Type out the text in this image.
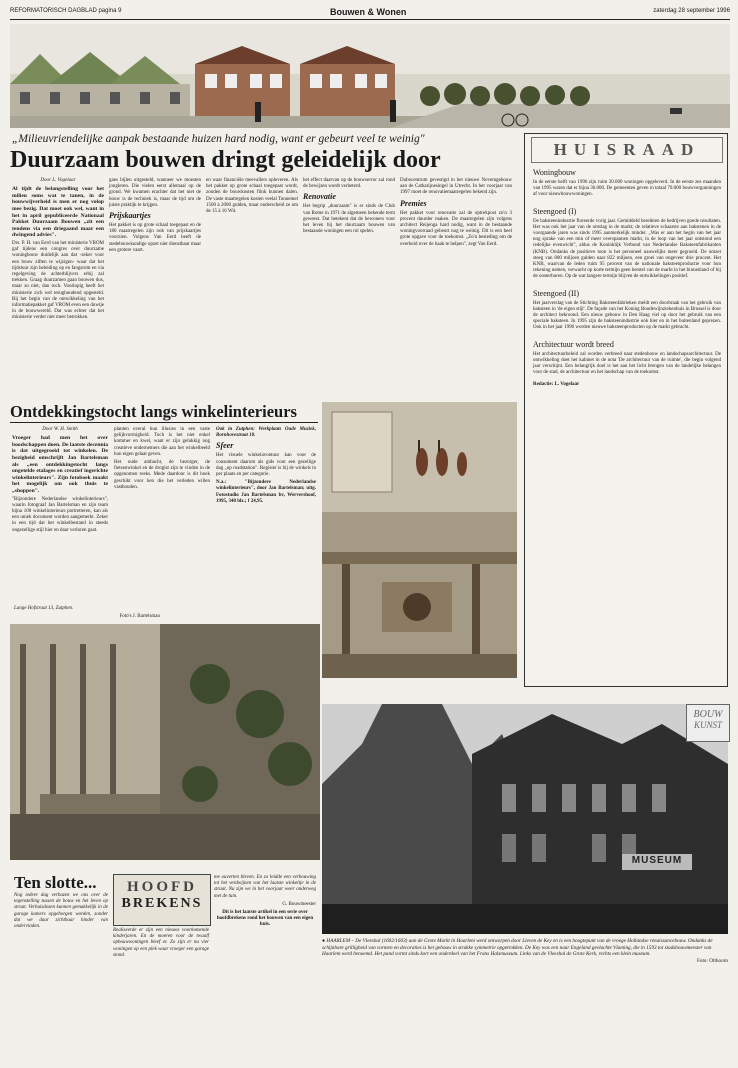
REFORMATORISCH DAGBLAD pagina 9	Bouwen & Wonen	zaterdag 28 september 1996
„Milieuvriendelijke aanpak bestaande huizen hard nodig, want er gebeurt veel te weinig"
Duurzaam bouwen dringt geleidelijk door

Door L. Vogelaar

Al tijdt de belangstelling voor het milieu soms wat te tanen, in de bouwwijverheid is men er nog volop mee bezig. Dat moet ook wel, want in het in april gepubliceerde Nationaal Pakket Duurzaam Bouwen „zit een tendens via een driegaand maar een dwingend advies".

Drs. P. H. van Eerd van het ministerie VROM gaf tijdens een congres over duurzame woningbouw duidelijk aan dat -zeker voor een bouw ziften te wijzigen- waar dat het tijdstuur zijn beleiding op en fangsrom en via regelgeving de achterblijvers erbij zal trekken. Graag duurzamen gaan bouwen dus, maar zo niet, dan toch. Voorlopig heeft het ministerie zich wel terughoudend opgesteld. Bij het begin van de ontwikkeling van het informatiepakket gaf VROM even een duwtje in de bouwwereld. Dat was echter dat het ministerie verder niet meer betrokken.

gaes bijlen uitgesteld, wanneer we moesten jongleren. Die vielen eerst allemaal op de grond. We kwamen erachter dat het niet de bouw is de techniek is, maar de tijd om de juiste praktijk te krijgen.

Prijskaartjes

Het pakket is op grote schaal toegepast en de 180 maatregelen zijn ook van prijskaartjes voorzien. Volgens Van Eerd heeft de stedebouwkundige opzet niet dienstbaar maar een grotere vaart.

en waar financiële meevallers opleveren. Als het pakket op grote schaal toegepast wordt, zouden de bouwkosten flink kunnen dalen. De vaste maatregelen kosten veelal Tonnemel 1500 à 2000 gulden, maar onderscheid ze om de 15 à 16 Wit.

het effect daarvan op de bouwsector zal rond de bewijzen wordt verbeterd.

Renovatie

Het begrip „duurzaam" is er sinds de Club van Rome in 1971 de algemeen bekende term geweest. Dat betekent dat de bewoners voor het leven bij het duurzaam bouwen van bestaande woningen een rol spelen.

Dubocentrum gevestigd in het nieuwe Novemgebouw aan de Catharijnesingel in Utrecht. In het voorjaar van 1997 moet de renovatiemaatregelen bekend zijn.

Premies

Het pakket voor renovatie zal de optrekpost zo'n 3 procent duurder maken. De maatregelen zijn volgens architect Reijenga hard nodig, want in de bestaande woningvoorraad gebeurt nog te weinig. Dit is een heel grote opgave voor de toekomst. „Zo'n besteding om de overheid over de haak te helpen", zegt Van Eerd.

HUISRAAD

Woningbouw

In de eerste helft van 1996 zijn ruim 30.000 woningen opgeleverd. In de eerste zes maanden van 1995 waren dat er bijna 36.000. De gemeenten geven in totaal 70.000 bouwvergunningen af voor nieuwbouwwoningen.

Steengoed (I)

De baksteenindustrie floreerde vorig jaar. Gemiddeld bereikten de bedrijven goede resultaten. Het was ook het jaar van de omslag in de markt; de relatieve schaarste aan bakstenen in de voorgaande jaren was sinds 1995 aanmerkelijk minder. „Was er aan het begin van het jaar nog sprake van een min of meer overspannen markt, in de loop van het jaar ontstond een redelijke evenwicht", aldus de Koninklijk Verbond van Nederlandse Baksteenfabrikanten (KNB). Ondanks de positieve toon is het personeel nauwelijks meer gegroeid. De omzet steeg van 800 miljoen gulden naar 822 miljoen, een groei van ongeveer drie procent. Het KNB, waarvan de leden ruim 95 procent van de nationale baksteenproductie voor hun rekening nemen, verwacht op korte termijn geen herstel van de markt in het binnenland of bij de oosterburen. Op de wat langere termijn blijven de ontwikkelingen positief.

Steengoed (II)

Het jaarverslag van de Stichting Baksteenfabrieken meldt een doorbraak van het gebruik van baksteen in 'de eigen stijl'. De façade van het Koning Boudewijnziekenhuis in Brussel is door de architect bekroond. Een nieuw gebouw in Den Haag viel op door het gebruik van een speciale baksteen. In 1995 zijn de baksteenindustrie ook hier en in het buitenland geprezen. Ook in het jaar 1996 worden nieuwe baksteenproducten op de markt gebracht.

Architectuur wordt breed

Het architectuurbeleid zal worden verbreed naar stedenbouw en landschapsarchitectuur. De ontwikkeling doet het kabinet in de nota 'De architectuur van de ruimte', die begin volgend jaar verschijnt. Een belangrijk doel is het aan het licht brengen van de landelijke belangen voor de stad, de architectuur en het landschap van de toekomst.

Redactie: L. Vogelaar

Ontdekkingstocht langs winkelinterieurs

Door W. H. Smith

Vroeger had men het over boodschappen doen. De laatste decennia is dat uitgegroeid tot winkelen. De bezigheid omschrijft Jan Bartelsman als „een ontdekkingstocht langs ongetelde etalages en creatief ingerichte winkelinterieurs". Zijn fotoboek maakt het mogelijk om ook thuis te „shoppen".

"Bijzondere Nederlandse winkelinterieurs", waarin fotograaf Jan Bartelsman en zijn team bijna 100 winkelinterieurs portretteren, kan als een uniek document worden aangemerkt. Zeker in een tijd dat het winkelbestand in steeds ongezellige stijl hier en daar verloren gaat.

planten overal hun illusies in een vaste gelijkvormigheid. Toch is het niet enkel kommer en kwel, want er zijn gelukkig nog creatieve ondernemers die aan het winkelbeeld hun eigen gelaat geven.

Het oude ambacht, de bezorger, de fietsenwinkel en de drogist zijn te vinden in de opgenomen reeks. Mede daardoor is dit boek geschikt voor hen die het verleden willen vasthouden.

Ook in Zutphen: Werkplaats Oude Muziek, Bornhovestraat 18.

Sfeer

Het visuele winkelavontuur kan voor de consument daarom als gids voor een gezellige dag „op roadstation". Register is bij de winkels in per plaats en per categorie.

N.a.: "Bijzondere Nederlandse winkelinterieurs", door Jan Bartelsman; uitg. Fotostudio Jan Bartelsman bv, Wervershoof, 1995, 340 blz.; f 24,95.

Lange Hofstraat 13, Zutphen.
Foto's J. Bartelsman
MUSEUM
BOUW
KUNST
● HAARLEM – De Vleeshal (1602/1603) aan de Grote Markt in Haarlem werd ontworpen door Lieven de Key en is een hoogtepunt van de vroege Hollandse renaissancebouw. Ondanks de schijnbare grilligheid van vormen en decoraties is het gebouw in strakke symmetrie opgetrokken. De Key was een naar Engeland gevluchte Vlaming, die in 1593 tot stadsbouwmeester van Haarlem werd benoemd. Het pand vormt sinds kort een onderdeel van het Frans Halsmuseum. Links van de Vleeshal de Grote Kerk, rechts een klein museum.
Foto: Olthoorn
Ten slotte...	HOOFD
BREKENS

Nog iedere dag verbazen we ons over de tegenstelling tussen de bouw en het leven op straat. Verhuisdozen kunnen gemakkelijk in de garage kamers opgeborgen worden, zonder dat we daar zichtbaar hinder van ondervinden.

Realiseerde er zijn een nieuwe voorkomende kinderjaren. En de moeren voor de twaalf opbouwwoningen bleef er. Zo zijn er nu vier woningen op een plek waar vroeger een garage stond.

me ouverten bleven. En zo leidde een verbouwing tot het verdwijnen van het laatste winkeltje in de straat. Nu zijn we in het voorjaar weer onderweg met de tuin.

G. Bouwmeester

Dit is het laatste artikel in een serie over hoofdbrekens rond het bouwen van een eigen huis.
